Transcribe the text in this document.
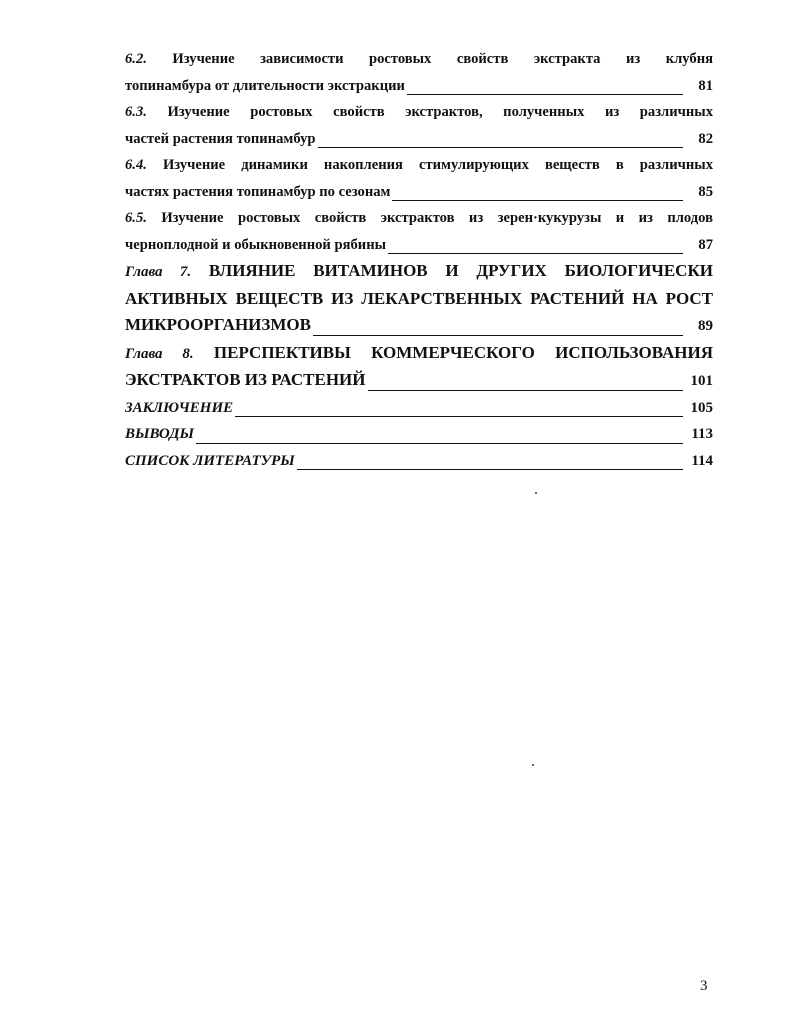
6.2. Изучение зависимости ростовых свойств экстракта из клубня
топинамбура от длительности экстракции	81
6.3. Изучение ростовых свойств экстрактов, полученных из различных
частей растения топинамбур	82
6.4. Изучение динамики накопления стимулирующих веществ в различных
частях растения топинамбур по сезонам	85
6.5. Изучение ростовых свойств экстрактов из зерен·кукурузы и из плодов
черноплодной и обыкновенной рябины	87
Глава 7. ВЛИЯНИЕ ВИТАМИНОВ И ДРУГИХ БИОЛОГИЧЕСКИ
АКТИВНЫХ ВЕЩЕСТВ ИЗ ЛЕКАРСТВЕННЫХ РАСТЕНИЙ НА РОСТ
МИКРООРГАНИЗМОВ	89
Глава 8. ПЕРСПЕКТИВЫ КОММЕРЧЕСКОГО ИСПОЛЬЗОВАНИЯ
ЭКСТРАКТОВ ИЗ РАСТЕНИЙ	101
ЗАКЛЮЧЕНИЕ	105
ВЫВОДЫ	113
СПИСОК ЛИТЕРАТУРЫ	114
3
